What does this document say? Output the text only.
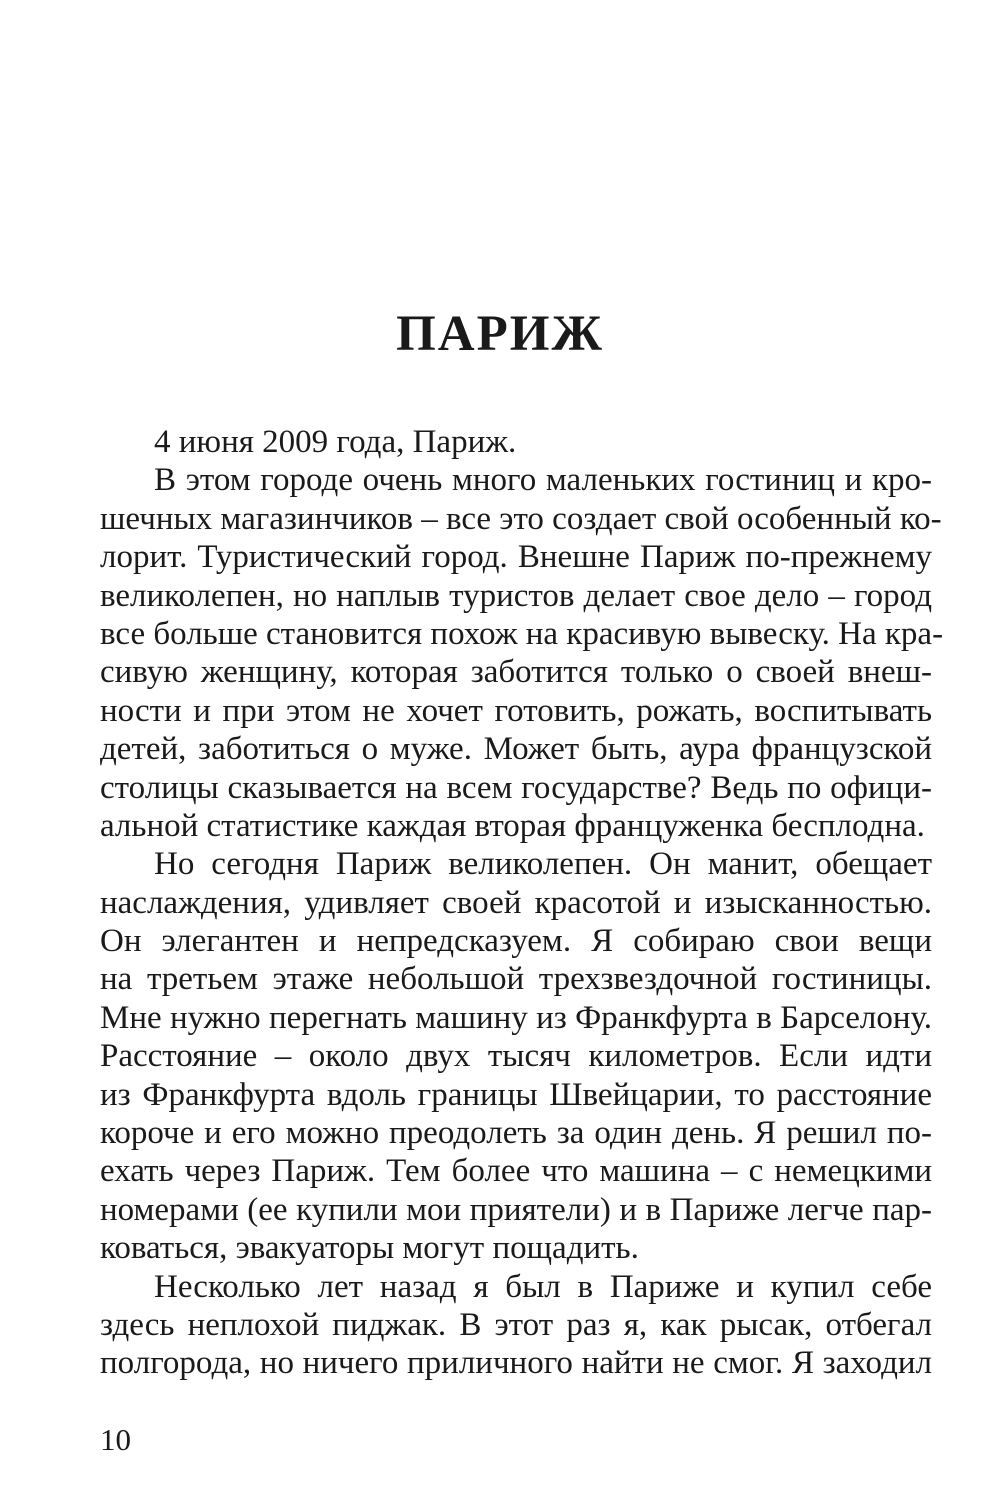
ПАРИЖ
4 июня 2009 года, Париж.
В этом городе очень много маленьких гостиниц и кро-
шечных магазинчиков – все это создает свой особенный ко-
лорит. Туристический город. Внешне Париж по-прежнему
великолепен, но наплыв туристов делает свое дело – город
все больше становится похож на красивую вывеску. На кра-
сивую женщину, которая заботится только о своей внеш-
ности и при этом не хочет готовить, рожать, воспитывать
детей, заботиться о муже. Может быть, аура французской
столицы сказывается на всем государстве? Ведь по офици-
альной статистике каждая вторая француженка бесплодна.
Но сегодня Париж великолепен. Он манит, обещает
наслаждения, удивляет своей красотой и изысканностью.
Он элегантен и непредсказуем. Я собираю свои вещи
на третьем этаже небольшой трехзвездочной гостиницы.
Мне нужно перегнать машину из Франкфурта в Барселону.
Расстояние – около двух тысяч километров. Если идти
из Франкфурта вдоль границы Швейцарии, то расстояние
короче и его можно преодолеть за один день. Я решил по-
ехать через Париж. Тем более что машина – с немецкими
номерами (ее купили мои приятели) и в Париже легче пар-
коваться, эвакуаторы могут пощадить.
Несколько лет назад я был в Париже и купил себе
здесь неплохой пиджак. В этот раз я, как рысак, отбегал
полгорода, но ничего приличного найти не смог. Я заходил

10
